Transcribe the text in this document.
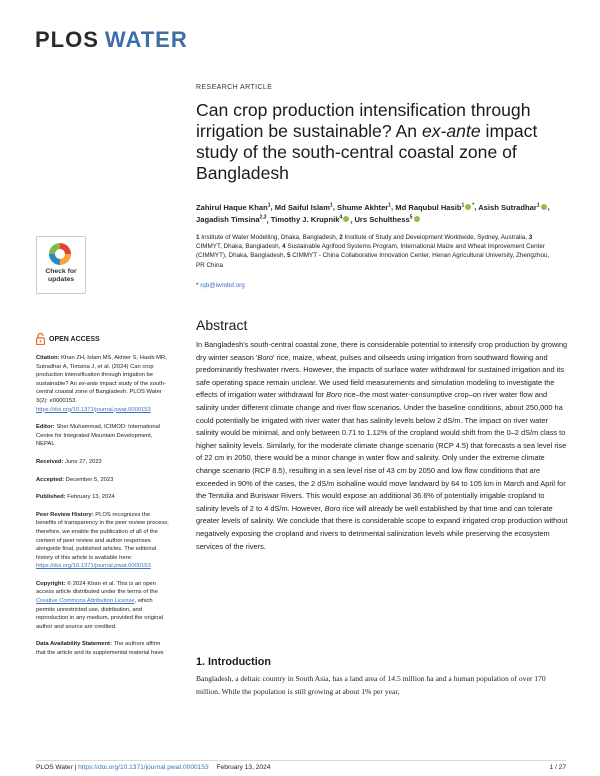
PLOS WATER
Check for
updates
OPEN ACCESS

Citation: Khan ZH, Islam MS, Akhter S, Hasib MR, Sutradhar A, Timsina J, et al. (2024) Can crop production intensification through irrigation be sustainable? An ex-ante impact study of the south-central coastal zone of Bangladesh. PLOS Water 3(2): e0000153. https://doi.org/10.1371/journal.pwat.0000153

Editor: Sher Muhammad, ICIMOD: International Centre for Integrated Mountain Development, NEPAL

Received: June 27, 2023

Accepted: December 5, 2023

Published: February 13, 2024

Peer Review History: PLOS recognizes the benefits of transparency in the peer review process; therefore, we enable the publication of all of the content of peer review and author responses alongside final, published articles. The editorial history of this article is available here: https://doi.org/10.1371/journal.pwat.0000153

Copyright: © 2024 Khan et al. This is an open access article distributed under the terms of the Creative Commons Attribution License, which permits unrestricted use, distribution, and reproduction in any medium, provided the original author and source are credited.

Data Availability Statement: The authors affirm that the article and its supplemental material have

RESEARCH ARTICLE
Can crop production intensification through irrigation be sustainable? An ex-ante impact study of the south-central coastal zone of Bangladesh
Zahirul Haque Khan$^1$, Md Saiful Islam$^1$, Shume Akhter$^1$, Md Raqubul Hasib$^1$ *, Asish Sutradhar$^1$ , Jagadish Timsina$^{2,3}$, Timothy J. Krupnik$^4$ , Urs Schulthess$^5$
1 Institute of Water Modelling, Dhaka, Bangladesh, 2 Institute of Study and Development Worldwide, Sydney, Australia, 3 CIMMYT, Dhaka, Bangladesh, 4 Sustainable Agrifood Systems Program, International Maize and Wheat Improvement Center (CIMMYT), Dhaka, Bangladesh, 5 CIMMYT - China Collaborative Innovation Center, Henan Agricultural University, Zhengzhou, PR China
* rqb@iwmbd.org
Abstract
In Bangladesh's south-central coastal zone, there is considerable potential to intensify crop production by growing dry winter season 'Boro' rice, maize, wheat, pulses and oilseeds using irrigation from southward flowing and predominantly freshwater rivers. However, the impacts of surface water withdrawal for sustained irrigation and its safe operating space remain unclear. We used field measurements and simulation modeling to investigate the effects of irrigation water withdrawal for Boro rice–the most water-consumptive crop–on river water flow and salinity under different climate change and river flow scenarios. Under the baseline conditions, about 250,000 ha could potentially be irrigated with river water that has salinity levels below 2 dS/m. The impact on river water salinity would be minimal, and only between 0.71 to 1.12% of the cropland would shift from the 0–2 dS/m class to higher salinity levels. Similarly, for the moderate climate change scenario (RCP 4.5) that forecasts a sea level rise of 22 cm in 2050, there would be a minor change in water flow and salinity. Only under the extreme climate change scenario (RCP 8.5), resulting in a sea level rise of 43 cm by 2050 and low flow conditions that are exceeded in 90% of the cases, the 2 dS/m isohaline would move landward by 64 to 105 km in March and April for the Tentulia and Buriswar Rivers. This would expose an additional 36.6% of potentially irrigable cropland to salinity levels of 2 to 4 dS/m. However, Boro rice will already be well established by that time and can tolerate greater levels of salinity. We conclude that there is considerable scope to expand irrigated crop production without negatively exposing the cropland and rivers to detrimental salinization levels while preserving the ecosystem services of the rivers.
1. Introduction
Bangladesh, a deltaic country in South Asia, has a land area of 14.5 million ha and a human population of over 170 million. While the population is still growing at about 1% per year,
PLOS Water | https://doi.org/10.1371/journal.pwat.0000153 February 13, 2024	1 / 27
